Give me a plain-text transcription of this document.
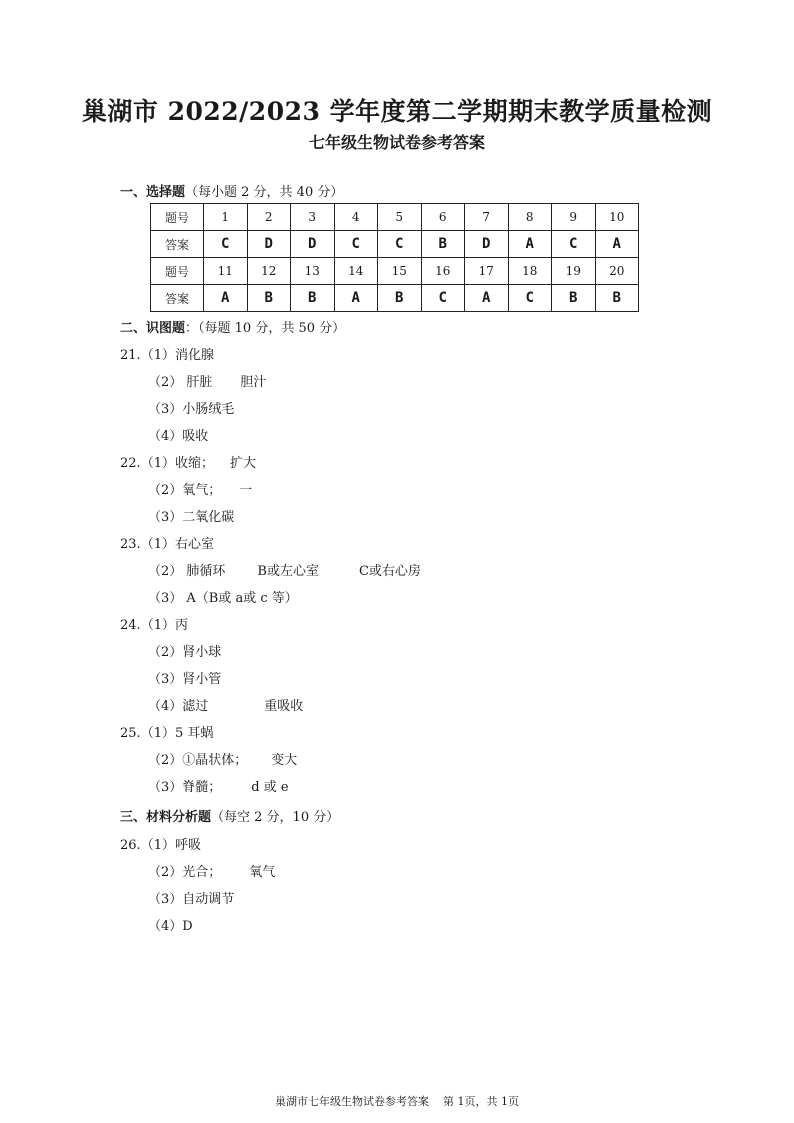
巢湖市 2022/2023 学年度第二学期期末教学质量检测
七年级生物试卷参考答案
一、选择题（每小题 2 分，共 40 分）
题号	1	2	3	4	5	6	7	8	9	10
答案	C	D	D	C	C	B	D	A	C	A
题号	11	12	13	14	15	16	17	18	19	20
答案	A	B	B	A	B	C	A	C	B	B
二、识图题：（每题 10 分，共 50 分）
21.（1）消化腺
（2） 肝脏 胆汁
（3）小肠绒毛
（4）吸收
22.（1）收缩； 扩大
（2）氧气； 一
（3）二氧化碳
23.（1）右心室
（2） 肺循环 B或左心室	C或右心房
（3） A（B或 a或 c 等）
24.（1）丙
（2）肾小球
（3）肾小管
（4）滤过	重吸收
25.（1）5 耳蜗
（2）①晶状体； 变大
（3）脊髓； d 或 e
三、材料分析题（每空 2 分，10 分）
26.（1）呼吸
（2）光合； 氧气
（3）自动调节
（4）D
巢湖市七年级生物试卷参考答案 第 1页，共 1页
